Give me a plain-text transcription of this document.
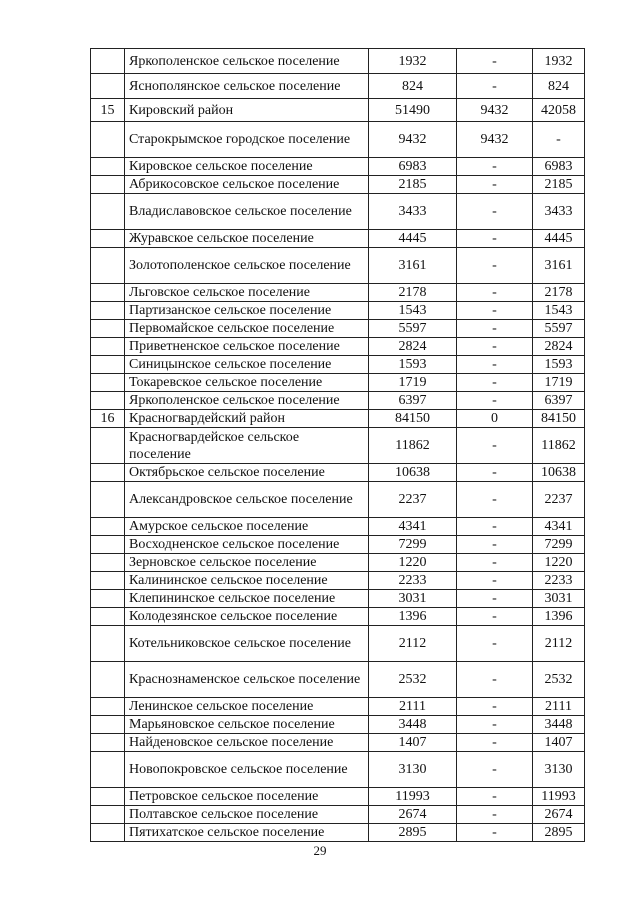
	Яркополенское сельское поселение	1932	-	1932
	Яснополянское сельское поселение	824	-	824
15	Кировский район	51490	9432	42058
	Старокрымское городское поселение	9432	9432	-
	Кировское сельское поселение	6983	-	6983
	Абрикосовское сельское поселение	2185	-	2185
	Владиславовское сельское поселение	3433	-	3433
	Журавское сельское поселение	4445	-	4445
	Золотополенское сельское поселение	3161	-	3161
	Льговское сельское поселение	2178	-	2178
	Партизанское сельское поселение	1543	-	1543
	Первомайское сельское поселение	5597	-	5597
	Приветненское сельское поселение	2824	-	2824
	Синицынское сельское поселение	1593	-	1593
	Токаревское сельское поселение	1719	-	1719
	Яркополенское сельское поселение	6397	-	6397
16	Красногвардейский район	84150	0	84150
	Красногвардейское сельское поселение	11862	-	11862
	Октябрьское сельское поселение	10638	-	10638
	Александровское сельское поселение	2237	-	2237
	Амурское сельское поселение	4341	-	4341
	Восходненское сельское поселение	7299	-	7299
	Зерновское сельское поселение	1220	-	1220
	Калининское сельское поселение	2233	-	2233
	Клепининское сельское поселение	3031	-	3031
	Колодезянское сельское поселение	1396	-	1396
	Котельниковское сельское поселение	2112	-	2112
	Краснознаменское сельское поселение	2532	-	2532
	Ленинское сельское поселение	2111	-	2111
	Марьяновское сельское поселение	3448	-	3448
	Найденовское сельское поселение	1407	-	1407
	Новопокровское сельское поселение	3130	-	3130
	Петровское сельское поселение	11993	-	11993
	Полтавское сельское поселение	2674	-	2674
	Пятихатское сельское поселение	2895	-	2895
29
